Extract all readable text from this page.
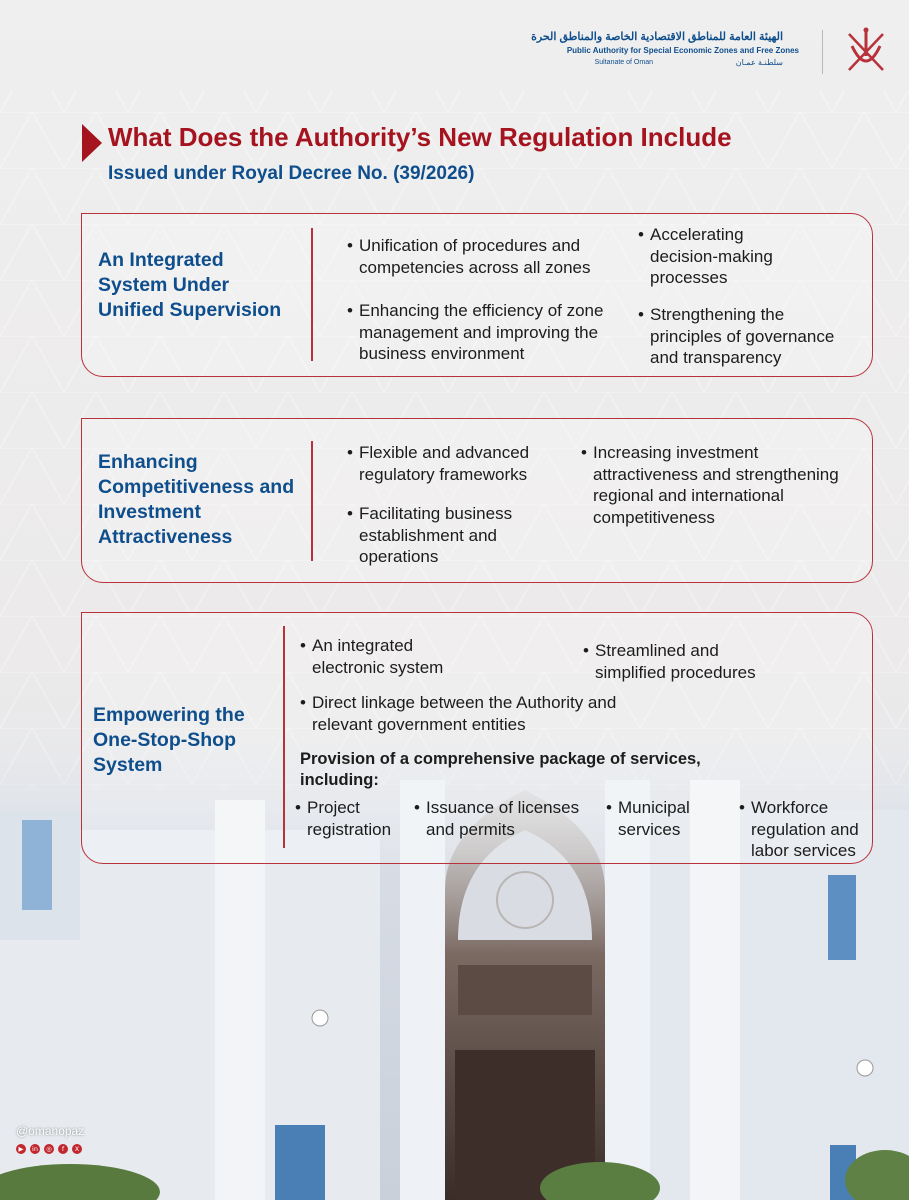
الهيئة العامة للمناطق الاقتصادية الخاصة والمناطق الحرة
Public Authority for Special Economic Zones and Free Zones
Sultanate of Oman	سلطنـة عمـان
What Does the Authority’s New Regulation Include
Issued under Royal Decree No. (39/2026)
An Integrated
System Under
Unified Supervision
• Unification of procedures and
competencies across all zones
• Enhancing the efficiency of zone
management and improving the
business environment
• Accelerating
decision-making
processes
• Strengthening the
principles of governance
and transparency
Enhancing
Competitiveness and
Investment
Attractiveness
• Flexible and advanced
regulatory frameworks
• Facilitating business
establishment and
operations
• Increasing investment
attractiveness and strengthening
regional and international
competitiveness
Empowering the
One-Stop-Shop
System
• An integrated
electronic system
• Streamlined and
simplified procedures
• Direct linkage between the Authority and
relevant government entities
Provision of a comprehensive package of services,
including:
• Project
registration
• Issuance of licenses
and permits
• Municipal
services
• Workforce
regulation and
labor services
@omanopaz
▶	in	◎	f	X
